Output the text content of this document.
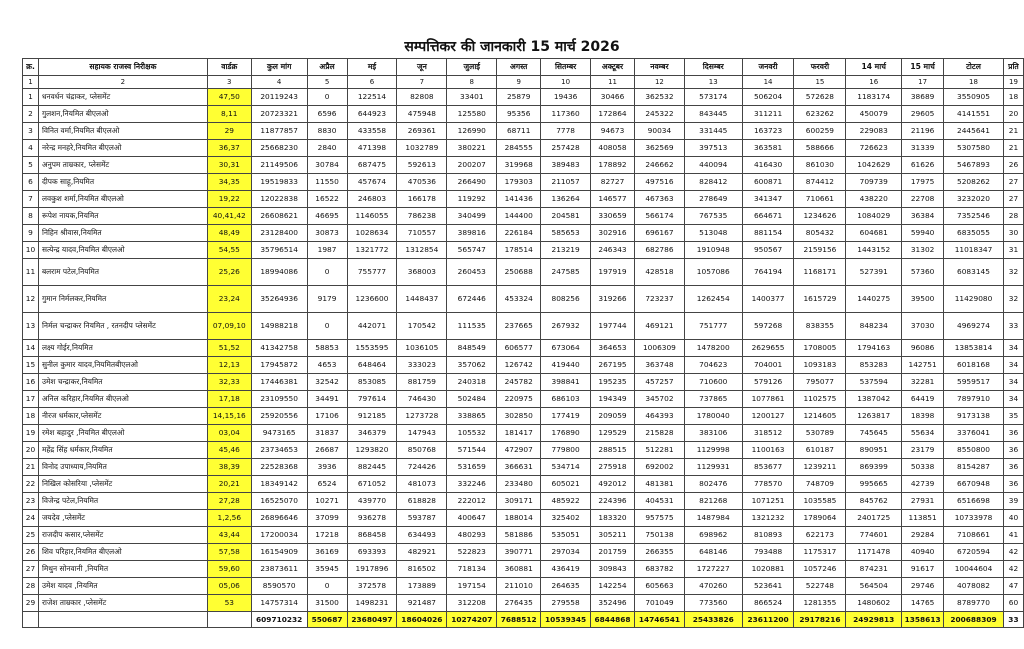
सम्पत्तिकर की जानकारी 15 मार्च 2026
क्र.	सहायक राजस्व निरीक्षक	वार्डक्र	कुल मांग	अप्रैल	मई	जून	जुलाई	अगस्त	सितम्बर	अक्टूबर	नवम्बर	दिसम्बर	जनवरी	फरवरी	14 मार्च	15 मार्च	टोटल	प्रति
1	2	3	4	5	6	7	8	9	10	11	12	13	14	15	16	17	18	19
1	धनवर्धन चंद्राकर, प्लेसमेंट	47,50	20119243	0	122514	82808	33401	25879	19436	30466	362532	573174	506204	572628	1183174	38689	3550905	18
2	गुलशन,नियमित बीएलओ	8,11	20723321	6596	644923	475948	125580	95356	117360	172864	245322	843445	311211	623262	450079	29605	4141551	20
3	विनित वर्मा,नियमित बीएलओ	29	11877857	8830	433558	269361	126990	68711	7778	94673	90034	331445	163723	600259	229083	21196	2445641	21
4	नरेन्द्र मनहरे,नियमित बीएलओ	36,37	25668230	2840	471398	1032789	380221	284555	257428	408058	362569	397513	363581	588666	726623	31339	5307580	21
5	अनुपम ताम्रकार, प्लेसमेंट	30,31	21149506	30784	687475	592613	200207	319968	389483	178892	246662	440094	416430	861030	1042629	61626	5467893	26
6	दीपक साहू,नियमित	34,35	19519833	11550	457674	470536	266490	179303	211057	82727	497516	828412	600871	874412	709739	17975	5208262	27
7	लवकुश शर्मा,नियमित बीएलओ	19,22	12022838	16522	246803	166178	119292	141436	136264	146577	467363	278649	341347	710661	438220	22708	3232020	27
8	रूपेश नायक,नियमित	40,41,42	26608621	46695	1146055	786238	340499	144400	204581	330659	566174	767535	664671	1234626	1084029	36384	7352546	28
9	निहिन श्रीवास,नियमित	48,49	23128400	30873	1028634	710557	389816	226184	585653	302916	696167	513048	881154	805432	604681	59940	6835055	30
10	सत्येन्द्र यादव,नियमित बीएलओ	54,55	35796514	1987	1321772	1312854	565747	178514	213219	246343	682786	1910948	950567	2159156	1443152	31302	11018347	31
11	बलराम पटेल,नियमित	25,26	18994086	0	755777	368003	260453	250688	247585	197919	428518	1057086	764194	1168171	527391	57360	6083145	32
12	गुमान निर्मलकर,नियमित	23,24	35264936	9179	1236600	1448437	672446	453324	808256	319266	723237	1262454	1400377	1615729	1440275	39500	11429080	32
13	निर्मल चन्द्राकर नियमित , रतनदीप प्लेसमेंट	07,09,10	14988218	0	442071	170542	111535	237665	267932	197744	469121	751777	597268	838355	848234	37030	4969274	33
14	लक्ष्य गोईर,नियमित	51,52	41342758	58853	1553595	1036105	848549	606577	673064	364653	1006309	1478200	2629655	1708005	1794163	96086	13853814	34
15	सुनील कुमार यादव,नियमितबीएलओ	12,13	17945872	4653	648464	333023	357062	126742	419440	267195	363748	704623	704001	1093183	853283	142751	6018168	34
16	उमेश चन्द्राकर,नियमित	32,33	17446381	32542	853085	881759	240318	245782	398841	195235	457257	710600	579126	795077	537594	32281	5959517	34
17	अनिल करिहार,नियमित बीएलओ	17,18	23109550	34491	797614	746430	502484	220975	686103	194349	345702	737865	1077861	1102575	1387042	64419	7897910	34
18	नीरज धर्मकार,प्लेसमेंट	14,15,16	25920556	17106	912185	1273728	338865	302850	177419	209059	464393	1780040	1200127	1214605	1263817	18398	9173138	35
19	रमेश बहादुर ,नियमित बीएलओ	03,04	9473165	31837	346379	147943	105532	181417	176890	129529	215828	383106	318512	530789	745645	55634	3376041	36
20	महेंद्र सिंह धर्मकार,नियमित	45,46	23734653	26687	1293820	850768	571544	472907	779800	288515	512281	1129998	1100163	610187	890951	23179	8550800	36
21	विनोद उपाध्याय,नियमित	38,39	22528368	3936	882445	724426	531659	366631	534714	275918	692002	1129931	853677	1239211	869399	50338	8154287	36
22	निखिल कोसरिया ,प्लेसमेंट	20,21	18349142	6524	671052	481073	332246	233480	605021	492012	481381	802476	778570	748709	995665	42739	6670948	36
23	विजेन्द्र पटेल,नियमित	27,28	16525070	10271	439770	618828	222012	309171	485922	224396	404531	821268	1071251	1035585	845762	27931	6516698	39
24	जयदेव ,प्लेसमेंट	1,2,56	26896646	37099	936278	593787	400647	188014	325402	183320	957575	1487984	1321232	1789064	2401725	113851	10733978	40
25	राजदीप कसार,प्लेसमेंट	43,44	17200034	17218	868458	634493	480293	581886	535051	305211	750138	698962	810893	622173	774601	29284	7108661	41
26	शिव परिहार,नियमित बीएलओ	57,58	16154909	36169	693393	482921	522823	390771	297034	201759	266355	648146	793488	1175317	1171478	40940	6720594	42
27	मिथुन सोनवानी ,नियमित	59,60	23873611	35945	1917896	816502	718134	360881	436419	309843	683782	1727227	1020881	1057246	874231	91617	10044604	42
28	उमेश यादव ,नियमित	05,06	8590570	0	372578	173889	197154	211010	264635	142254	605663	470260	523641	522748	564504	29746	4078082	47
29	राजेश ताम्रकार ,प्लेसमेंट	53	14757314	31500	1498231	921487	312208	276435	279558	352496	701049	773560	866524	1281355	1480602	14765	8789770	60
			609710232	550687	23680497	18604026	10274207	7688512	10539345	6844868	14746541	25433826	23611200	29178216	24929813	1358613	200688309	33
